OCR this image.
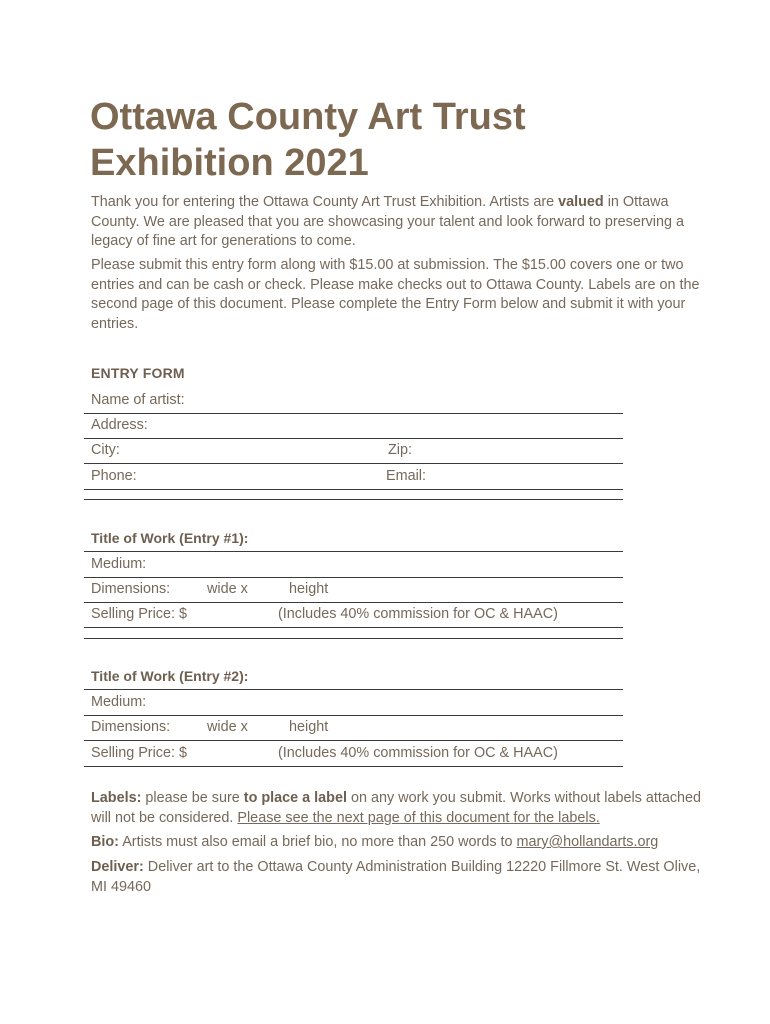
Ottawa County Art Trust Exhibition 2021

Thank you for entering the Ottawa County Art Trust Exhibition. Artists are valued in Ottawa County. We are pleased that you are showcasing your talent and look forward to preserving a legacy of fine art for generations to come.

Please submit this entry form along with $15.00 at submission. The $15.00 covers one or two entries and can be cash or check. Please make checks out to Ottawa County. Labels are on the second page of this document. Please complete the Entry Form below and submit it with your entries.

ENTRY FORM
Name of artist:
Address:
City:	Zip:
Phone:	Email:
Title of Work (Entry #1):
Medium:
Dimensions:	wide x	height
Selling Price: $	(Includes 40% commission for OC & HAAC)
Title of Work (Entry #2):
Medium:
Dimensions:	wide x	height
Selling Price: $	(Includes 40% commission for OC & HAAC)

Labels: please be sure to place a label on any work you submit. Works without labels attached will not be considered. Please see the next page of this document for the labels.

Bio: Artists must also email a brief bio, no more than 250 words to mary@hollandarts.org

Deliver: Deliver art to the Ottawa County Administration Building 12220 Fillmore St. West Olive, MI 49460
